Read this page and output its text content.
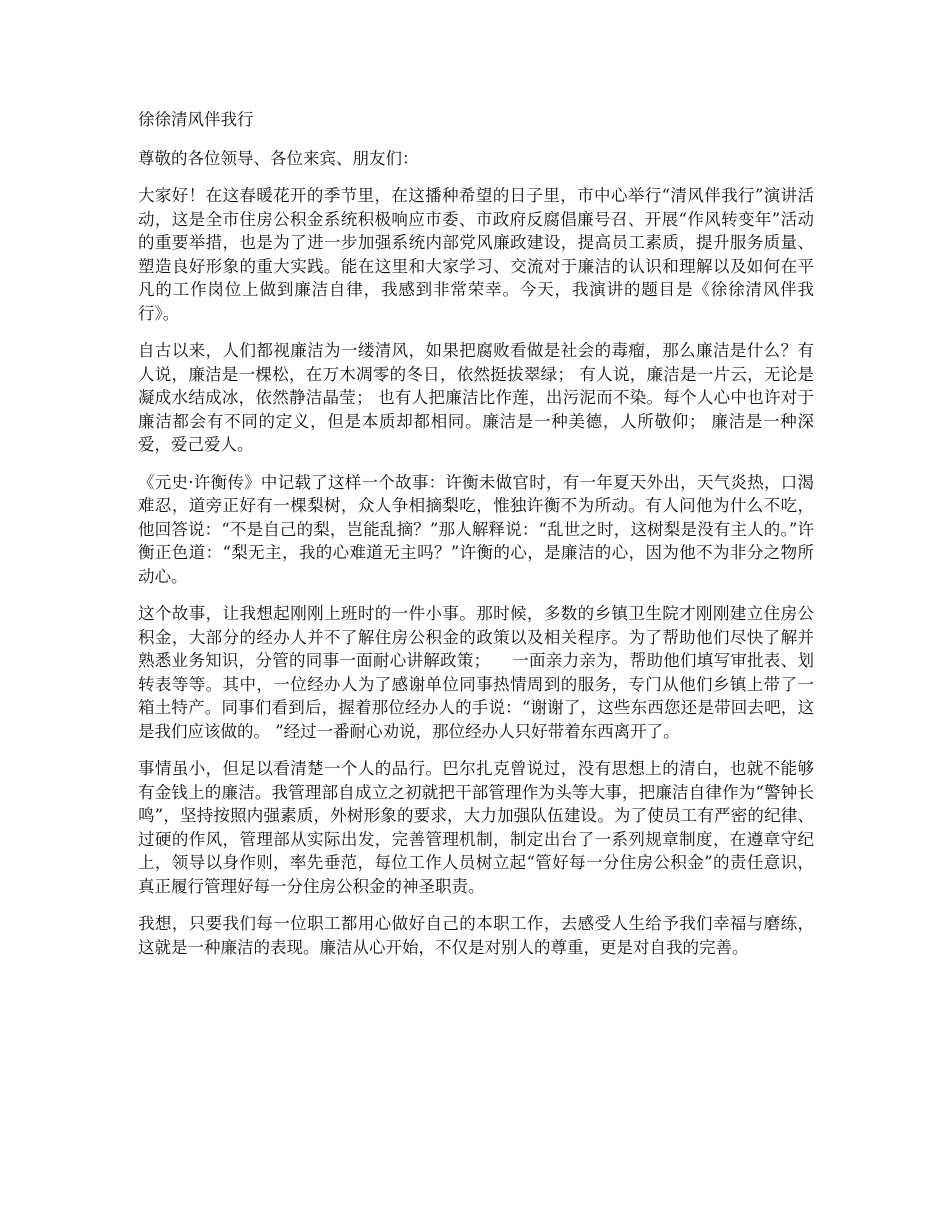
徐徐清风伴我行

尊敬的各位领导、各位来宾、朋友们：

大家好！在这春暖花开的季节里，在这播种希望的日子里，市中心举行“清风伴我行”演讲活动，这是全市住房公积金系统积极响应市委、市政府反腐倡廉号召、开展“作风转变年”活动的重要举措，也是为了进一步加强系统内部党风廉政建设，提高员工素质，提升服务质量、塑造良好形象的重大实践。能在这里和大家学习、交流对于廉洁的认识和理解以及如何在平凡的工作岗位上做到廉洁自律，我感到非常荣幸。今天，我演讲的题目是《徐徐清风伴我行》。

自古以来，人们都视廉洁为一缕清风，如果把腐败看做是社会的毒瘤，那么廉洁是什么？有人说，廉洁是一棵松，在万木凋零的冬日，依然挺拔翠绿； 有人说，廉洁是一片云，无论是凝成水结成冰，依然静洁晶莹； 也有人把廉洁比作莲，出污泥而不染。每个人心中也许对于廉洁都会有不同的定义，但是本质却都相同。廉洁是一种美德，人所敬仰； 廉洁是一种深爱，爱己爱人。

《元史·许衡传》中记载了这样一个故事：许衡未做官时，有一年夏天外出，天气炎热，口渴难忍，道旁正好有一棵梨树，众人争相摘梨吃，惟独许衡不为所动。有人问他为什么不吃，他回答说：“不是自己的梨，岂能乱摘？”那人解释说：“乱世之时，这树梨是没有主人的。”许衡正色道：“梨无主，我的心难道无主吗？”许衡的心，是廉洁的心，因为他不为非分之物所动心。

这个故事，让我想起刚刚上班时的一件小事。那时候，多数的乡镇卫生院才刚刚建立住房公积金，大部分的经办人并不了解住房公积金的政策以及相关程序。为了帮助他们尽快了解并熟悉业务知识，分管的同事一面耐心讲解政策；    一面亲力亲为，帮助他们填写审批表、划转表等等。其中，一位经办人为了感谢单位同事热情周到的服务，专门从他们乡镇上带了一箱土特产。同事们看到后，握着那位经办人的手说：“谢谢了，这些东西您还是带回去吧，这是我们应该做的。 ”经过一番耐心劝说，那位经办人只好带着东西离开了。

事情虽小，但足以看清楚一个人的品行。巴尔扎克曾说过，没有思想上的清白，也就不能够有金钱上的廉洁。我管理部自成立之初就把干部管理作为头等大事，把廉洁自律作为“警钟长鸣”，坚持按照内强素质，外树形象的要求，大力加强队伍建设。为了使员工有严密的纪律、过硬的作风，管理部从实际出发，完善管理机制，制定出台了一系列规章制度，在遵章守纪上，领导以身作则，率先垂范，每位工作人员树立起“管好每一分住房公积金”的责任意识，真正履行管理好每一分住房公积金的神圣职责。

我想，只要我们每一位职工都用心做好自己的本职工作，去感受人生给予我们幸福与磨练，这就是一种廉洁的表现。廉洁从心开始，不仅是对别人的尊重，更是对自我的完善。
